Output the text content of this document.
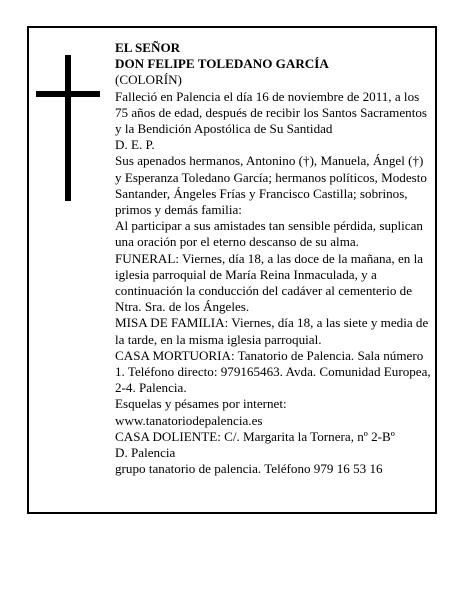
EL SEÑOR

DON FELIPE TOLEDANO GARCÍA

(COLORÍN)

Falleció en Palencia el día 16 de noviembre de 2011, a los 75 años de edad, después de recibir los Santos Sacramentos y la Bendición Apostólica de Su Santidad

D. E. P.

Sus apenados hermanos, Antonino (†), Manuela, Ángel (†) y Esperanza Toledano García; hermanos políticos, Modesto Santander, Ángeles Frías y Francisco Castilla; sobrinos, primos y demás familia:

Al participar a sus amistades tan sensible pérdida, suplican una oración por el eterno descanso de su alma.

FUNERAL: Viernes, día 18, a las doce de la mañana, en la iglesia parroquial de María Reina Inmaculada, y a continuación la conducción del cadáver al cementerio de Ntra. Sra. de los Ángeles.

MISA DE FAMILIA: Viernes, día 18, a las siete y media de la tarde, en la misma iglesia parroquial.

CASA MORTUORIA: Tanatorio de Palencia. Sala número 1. Teléfono directo: 979165463. Avda. Comunidad Europea, 2-4. Palencia.

Esquelas y pésames por internet:

www.tanatoriodepalencia.es

CASA DOLIENTE: C/. Margarita la Tornera, nº 2-Bº

D. Palencia

grupo tanatorio de palencia. Teléfono 979 16 53 16
